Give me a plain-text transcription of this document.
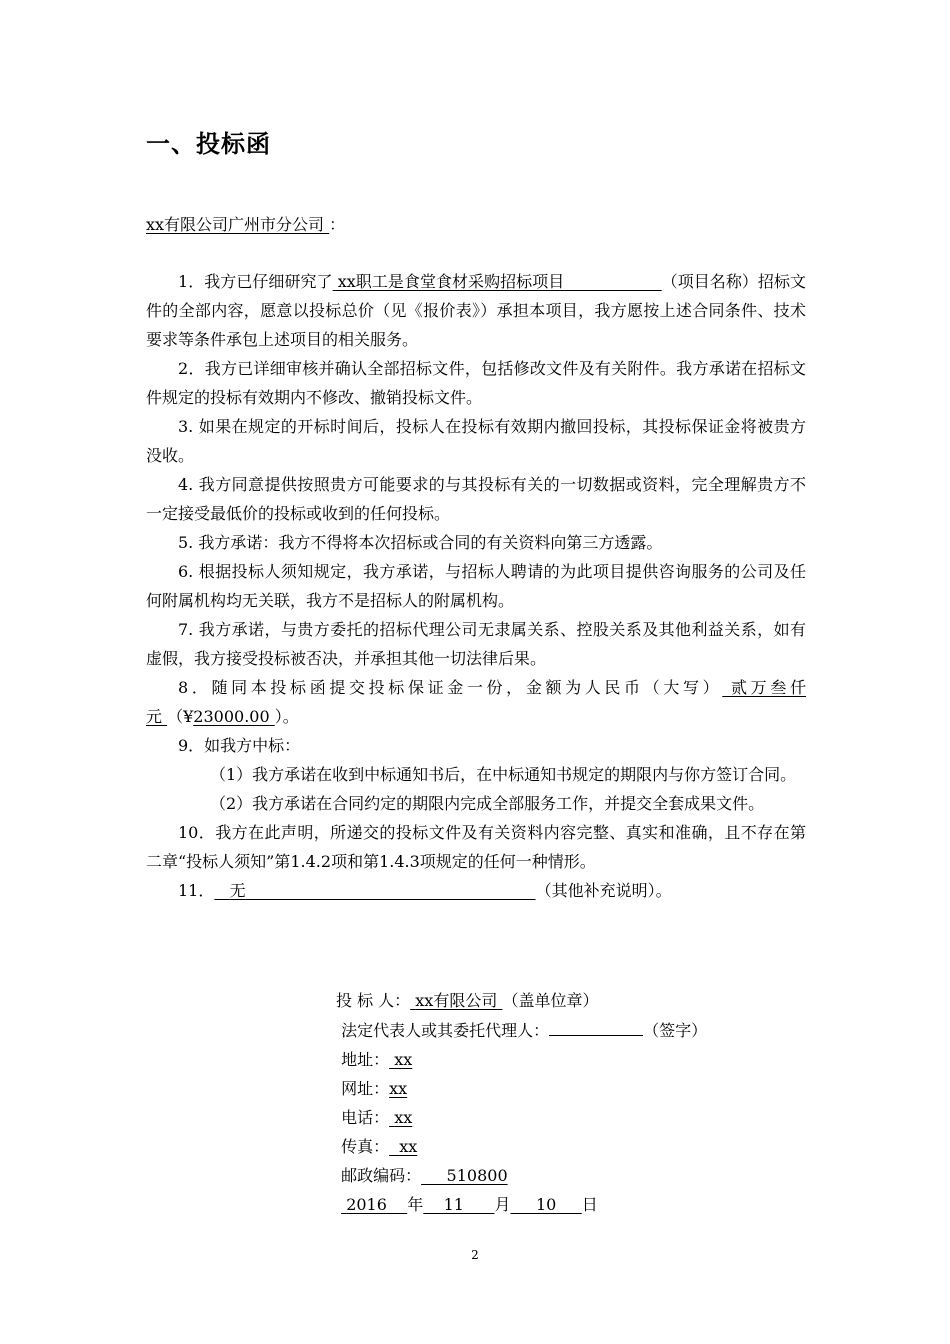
一、投标函
xx有限公司广州市分公司 ：

1．我方已仔细研究了 xx职工是食堂食材采购招标项目	（项目名称）招标文件的全部内容，愿意以投标总价（见《报价表》）承担本项目，我方愿按上述合同条件、技术要求等条件承包上述项目的相关服务。

2．我方已详细审核并确认全部招标文件，包括修改文件及有关附件。我方承诺在招标文件规定的投标有效期内不修改、撤销投标文件。

3. 如果在规定的开标时间后，投标人在投标有效期内撤回投标，其投标保证金将被贵方没收。

4. 我方同意提供按照贵方可能要求的与其投标有关的一切数据或资料，完全理解贵方不一定接受最低价的投标或收到的任何投标。

5. 我方承诺：我方不得将本次招标或合同的有关资料向第三方透露。

6. 根据投标人须知规定，我方承诺，与招标人聘请的为此项目提供咨询服务的公司及任何附属机构均无关联，我方不是招标人的附属机构。

7. 我方承诺，与贵方委托的招标代理公司无隶属关系、控股关系及其他利益关系，如有虚假，我方接受投标被否决，并承担其他一切法律后果。

8．随同本投标函提交投标保证金一份，金额为人民币（大写） 贰万叁仟元 （¥23000.00 ）。

9．如我方中标：

（1）我方承诺在收到中标通知书后，在中标通知书规定的期限内与你方签订合同。

（2）我方承诺在合同约定的期限内完成全部服务工作，并提交全套成果文件。

10．我方在此声明，所递交的投标文件及有关资料内容完整、真实和准确，且不存在第二章“投标人须知”第1.4.2项和第1.4.3项规定的任何一种情形。

11． 无	（其他补充说明）。

投 标 人： xx有限公司 （盖单位章）
法定代表人或其委托代理人：	（签字）
地址： xx
网址：xx
电话： xx
传真： xx
邮政编码： 510800
2016 年 11 月 10 日
2
